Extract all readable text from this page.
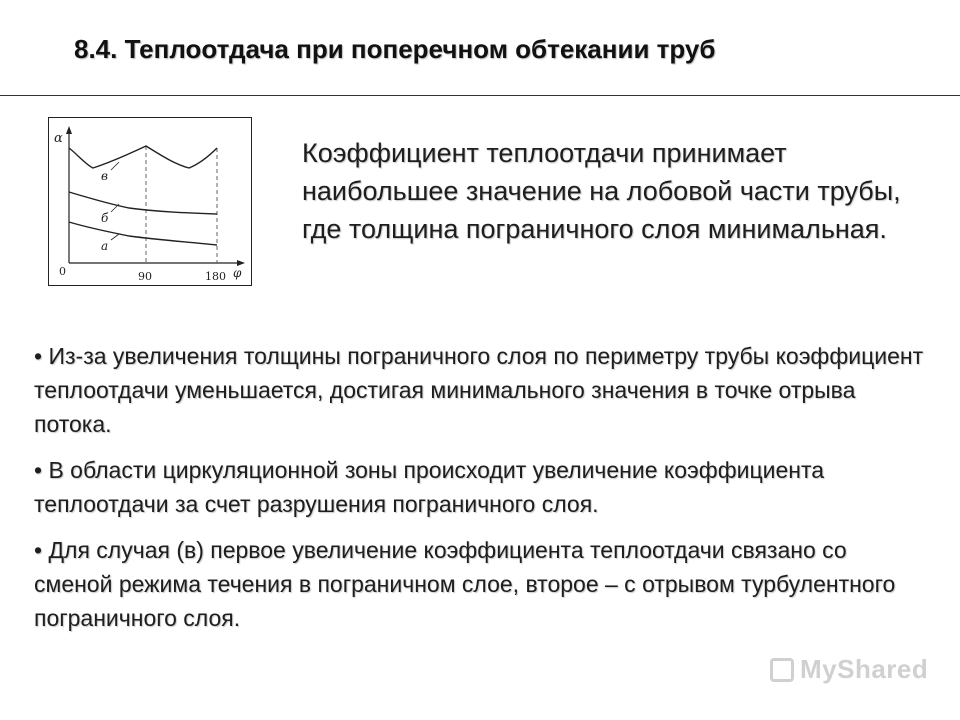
8.4. Теплоотдача при поперечном обтекании труб
α
φ
0	90	180
в
б
а

Коэффициент теплоотдачи принимает наибольшее значение на лобовой части трубы, где толщина пограничного слоя минимальная.

• Из-за увеличения толщины пограничного слоя по периметру трубы коэффициент теплоотдачи уменьшается, достигая минимального значения в точке отрыва потока.
• В области циркуляционной зоны происходит увеличение коэффициента теплоотдачи за счет разрушения пограничного слоя.
• Для случая (в) первое увеличение коэффициента теплоотдачи связано со сменой режима течения в пограничном слое, второе – с отрывом турбулентного пограничного слоя.
MyShared
